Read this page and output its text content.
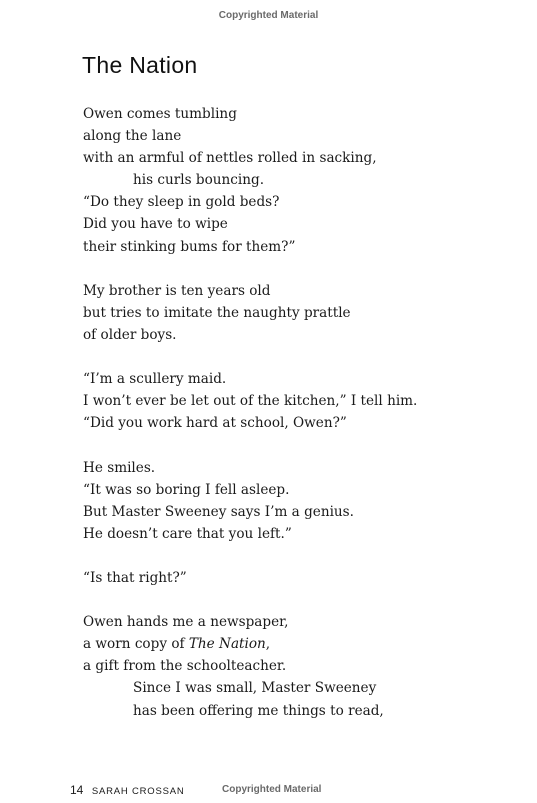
Copyrighted Material
The Nation
Owen comes tumbling
along the lane
with an armful of nettles rolled in sacking,
his curls bouncing.
“Do they sleep in gold beds?
Did you have to wipe
their stinking bums for them?”
My brother is ten years old
but tries to imitate the naughty prattle
of older boys.
“I’m a scullery maid.
I won’t ever be let out of the kitchen,” I tell him.
“Did you work hard at school, Owen?”
He smiles.
“It was so boring I fell asleep.
But Master Sweeney says I’m a genius.
He doesn’t care that you left.”
“Is that right?”
Owen hands me a newspaper,
a worn copy of The Nation,
a gift from the schoolteacher.
Since I was small, Master Sweeney
has been offering me things to read,
14 SARAH CROSSAN	Copyrighted Material
